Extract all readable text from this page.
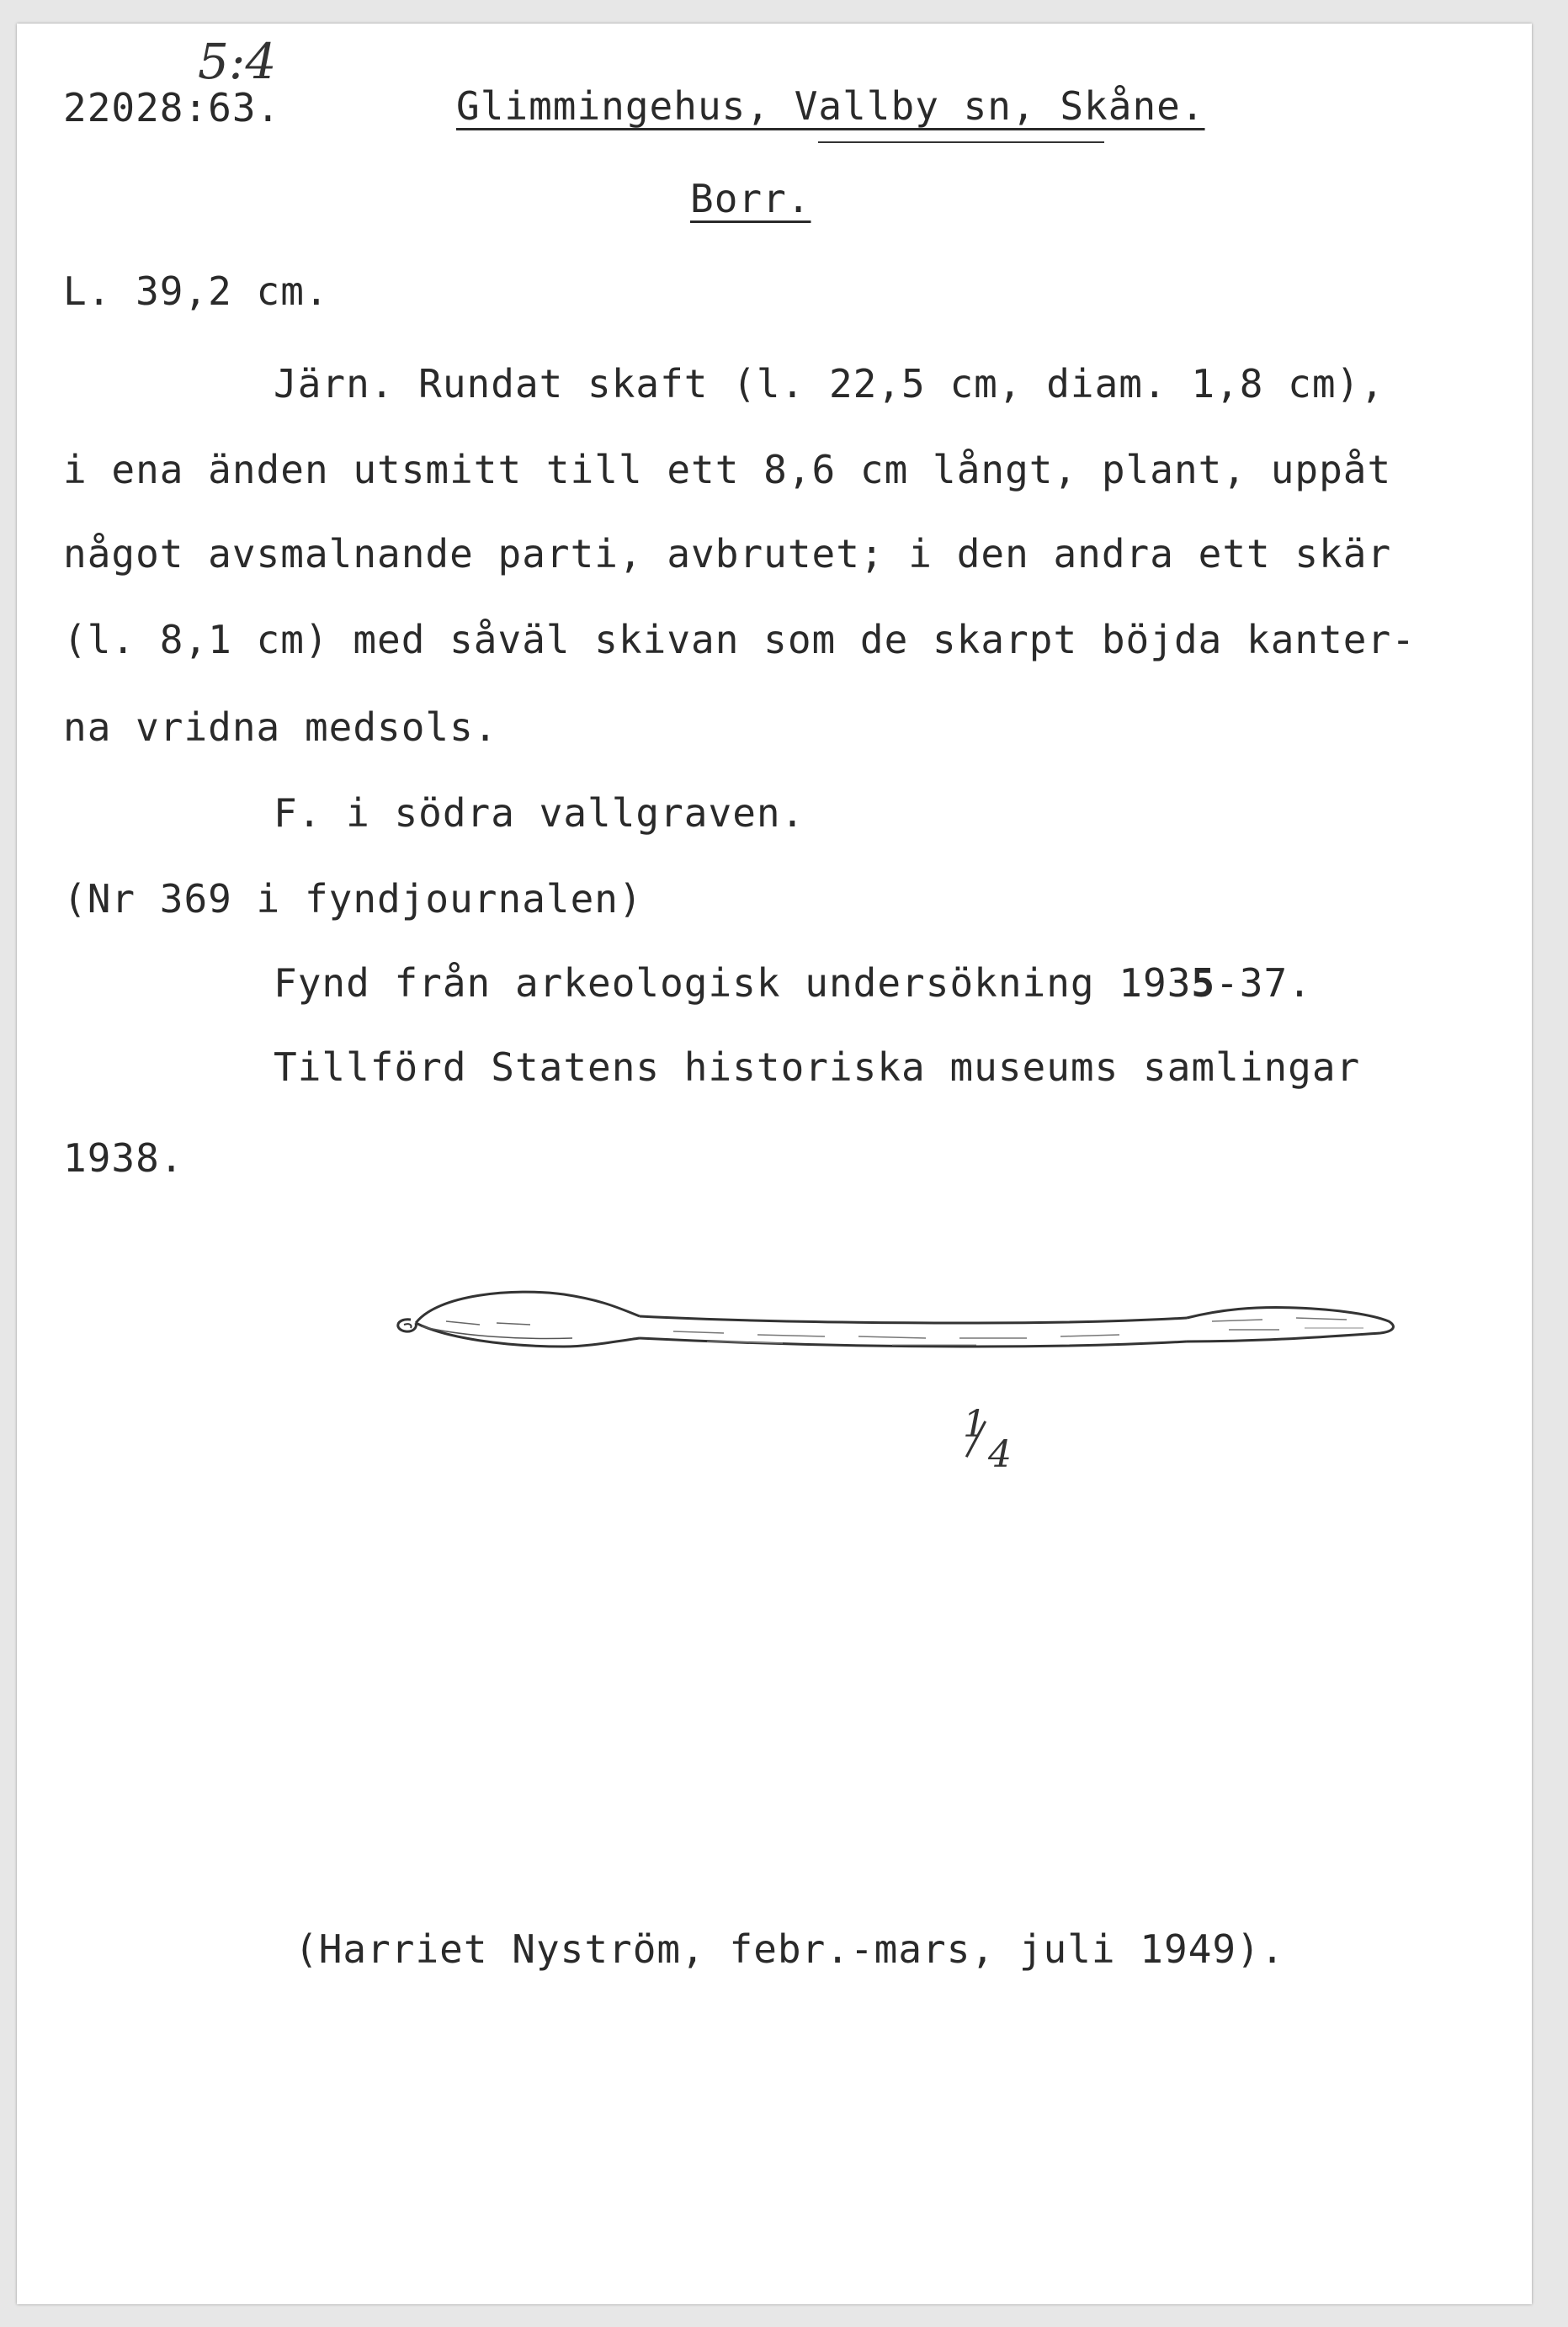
5:4
22028:63.	Glimmingehus, Vallby sn, Skåne.
Borr.
L. 39,2 cm.
Järn. Rundat skaft (l. 22,5 cm, diam. 1,8 cm),
i ena änden utsmitt till ett 8,6 cm långt, plant, uppåt
något avsmalnande parti, avbrutet; i den andra ett skär
(l. 8,1 cm) med såväl skivan som de skarpt böjda kanter-
na vridna medsols.
F. i södra vallgraven.
(Nr 369 i fyndjournalen)
Fynd från arkeologisk undersökning 1935-37.
Tillförd Statens historiska museums samlingar
1938.
1
4
(Harriet Nyström, febr.-mars, juli 1949).
